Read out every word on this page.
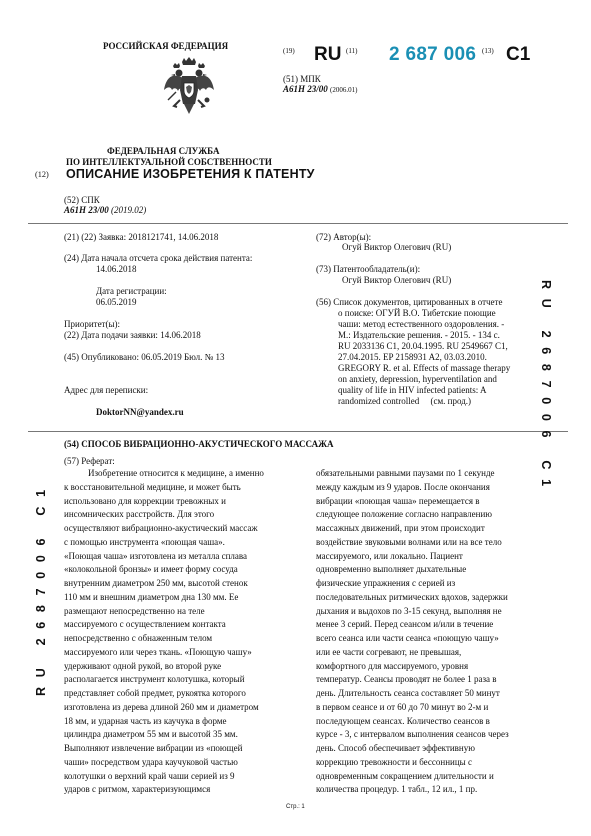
РОССИЙСКАЯ ФЕДЕРАЦИЯ
ФЕДЕРАЛЬНАЯ СЛУЖБА
ПО ИНТЕЛЛЕКТУАЛЬНОЙ СОБСТВЕННОСТИ
(19) RU (11) 2 687 006 (13) C1
(51) МПК
A61H 23/00 (2006.01)
(12) ОПИСАНИЕ ИЗОБРЕТЕНИЯ К ПАТЕНТУ
(52) СПК
A61H 23/00 (2019.02)
(21) (22) Заявка: 2018121741, 14.06.2018
(24) Дата начала отсчета срока действия патента:
14.06.2018
Дата регистрации:
06.05.2019
Приоритет(ы):
(22) Дата подачи заявки: 14.06.2018
(45) Опубликовано: 06.05.2019 Бюл. № 13
Адрес для переписки:
DoktorNN@yandex.ru
(72) Автор(ы):
Огуй Виктор Олегович (RU)
(73) Патентообладатель(и):
Огуй Виктор Олегович (RU)
(56) Список документов, цитированных в отчете
о поиске: ОГУЙ В.О. Тибетские поющие
чаши: метод естественного оздоровления. -
М.: Издательские решения. - 2015. - 134 с.
RU 2033136 C1, 20.04.1995. RU 2549667 C1,
27.04.2015. EP 2158931 A2, 03.03.2010.
GREGORY R. et al. Effects of massage therapy
on anxiety, depression, hyperventilation and
quality of life in HIV infected patients: A
randomized controlled (см. прод.)
(54) СПОСОБ ВИБРАЦИОННО-АКУСТИЧЕСКОГО МАССАЖА
(57) Реферат:

Изобретение относится к медицине, а именно

к восстановительной медицине, и может быть

использовано для коррекции тревожных и

инсомнических расстройств. Для этого

осуществляют вибрационно-акустический массаж

с помощью инструмента «поющая чаша».

«Поющая чаша» изготовлена из металла сплава

«колокольной бронзы» и имеет форму сосуда

внутренним диаметром 250 мм, высотой стенок

110 мм и внешним диаметром дна 130 мм. Ее

размещают непосредственно на теле

массируемого с осуществлением контакта

непосредственно с обнаженным телом

массируемого или через ткань. «Поющую чашу»

удерживают одной рукой, во второй руке

располагается инструмент колотушка, который

представляет собой предмет, рукоятка которого

изготовлена из дерева длиной 260 мм и диаметром

18 мм, и ударная часть из каучука в форме

цилиндра диаметром 55 мм и высотой 35 мм.

Выполняют извлечение вибрации из «поющей

чаши» посредством удара каучуковой частью

колотушки о верхний край чаши серией из 9

ударов с ритмом, характеризующимся

обязательными равными паузами по 1 секунде

между каждым из 9 ударов. После окончания

вибрации «поющая чаша» перемещается в

следующее положение согласно направлению

массажных движений, при этом происходит

воздействие звуковыми волнами или на все тело

массируемого, или локально. Пациент

одновременно выполняет дыхательные

физические упражнения с серией из

последовательных ритмических вдохов, задержки

дыхания и выдохов по 3-15 секунд, выполняя не

менее 3 серий. Перед сеансом и/или в течение

всего сеанса или части сеанса «поющую чашу»

или ее части согревают, не превышая,

комфортного для массируемого, уровня

температур. Сеансы проводят не более 1 раза в

день. Длительность сеанса составляет 50 минут

в первом сеансе и от 60 до 70 минут во 2-м и

последующем сеансах. Количество сеансов в

курсе - 3, с интервалом выполнения сеансов через

день. Способ обеспечивает эффективную

коррекцию тревожности и бессонницы с

одновременным сокращением длительности и

количества процедур. 1 табл., 12 ил., 1 пр.

RU 2687006 C1
RU 2687006 C1
Стр.: 1
